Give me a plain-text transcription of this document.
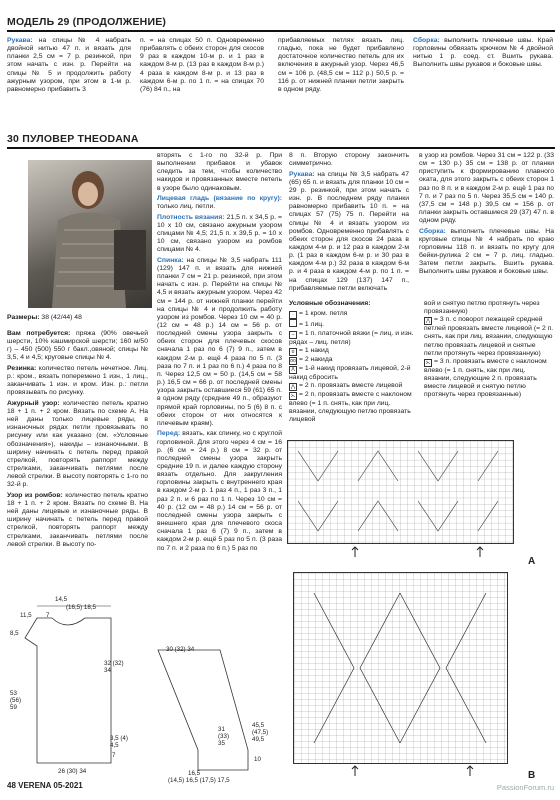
МОДЕЛЬ 29 (ПРОДОЛЖЕНИЕ)

Рукава: на спицы № 4 набрать двойной нитью 47 п. и вязать для планки 2,5 см = 7 р. резинкой, при этом начать с изн. р. Перейти на спицы № 5 и продолжить работу ажурным узором, при этом в 1-м р. равномерно прибавить 3

п. = на спицах 50 п. Одновременно прибавлять с обеих сторон для скосов 9 раз в каждом 10-м р. и 1 раз в каждом 8-м р. (13 раз в каждом 8-м р.) 4 раза в каждом 8-м р. и 13 раз в каждом 6-м р. по 1 п. = на спицах 70 (76) 84 п., на

прибавляемых петлях вязать лиц. гладью, пока не будет прибавлено достаточное количество петель для их включения в ажурный узор. Через 46,5 см = 106 р. (48,5 см = 112 р.) 50,5 р. = 116 р. от нижней планки петли закрыть в одном ряду.

Сборка: выполнить плечевые швы. Край горловины обвязать крючком № 4 двойной нитью 1 р. соед. ст. Вшить рукава. Выполнить швы рукавов и боковые швы.

30 ПУЛОВЕР THEODANA

Размеры: 38 (42/44) 48

Вам потребуется: пряжа (90% овечьей шерсти, 10% кашмирской шерсти; 160 м/50 г) – 450 (500) 550 г бакл.,овяной; спицы № 3,5, 4 и 4,5; круговые спицы № 4.

Резинка: количество петель нечетное. Лиц. р.: кром., вязать поперемено 1 изн., 1 лиц., заканчивать 1 изн. и кром. Изн. р.: петли провязывать по рисунку.

Ажурный узор: количество петель кратно 18 + 1 п. + 2 кром. Вязать по схеме А. На ней даны только лицевые ряды, в изнаночных рядах петли провязывать по рисунку или как указано (см. «Условные обозначения»), накиды – изнаночными. В ширину начинать с петель перед правой стрелкой, повторять раппорт между стрелками, заканчивать петлями после левой стрелки. В высоту повторять с 1-го по 32-й р.

Узор из ромбов: количество петель кратно 18 + 1 п. + 2 кром. Вязать по схеме В. На ней даны лицевые и изнаночные ряды. В ширину начинать с петель перед правой стрелкой, повторять раппорт между стрелками, заканчивать петлями после левой стрелки. В высоту по-

вторять с 1-го по 32-й р. При выполнении прибавок и убавок следить за тем, чтобы количество накидов и провязанных вместе петель в узоре было одинаковым.

Лицевая гладь (вязание по кругу): только лиц. петли.

Плотность вязания: 21,5 п. х 34,5 р. = 10 х 10 см, связано ажурным узором спицами № 4,5; 21,5 п. х 39,5 р. = 10 х 10 см, связано узором из ромбов спицами № 4.

Спинка: на спицы № 3,5 набрать 111 (129) 147 п. и вязать для нижней планки 7 см = 21 р. резинкой, при этом начать с изн. р. Перейти на спицы № 4,5 и вязать ажурным узором. Через 42 см = 144 р. от нижней планки перейти на спицы № 4 и продолжить работу узором из ромбов. Через 10 см = 40 р. (12 см = 48 р.) 14 см = 56 р. от последней смены узора закрыть с обеих сторон для плечевых скосов сначала 1 раз по 6 (7) 9 п., затем в каждом 2-м р. ещё 4 раза по 5 п. (3 раза по 7 п. и 1 раз по 6 п.) 4 раза по 8 п. Через 12,5 см = 50 р. (14,5 см = 58 р.) 16,5 см = 66 р. от последней смены узора закрыть оставшиеся 59 (61) 65 п. в одном ряду (средние 49 п., образуют прямой край горловины, по 5 (6) 8 п. с обеих сторон от них относятся к плечевым краям).

Перед: вязать, как спинку, но с круглой горловиной. Для этого через 4 см = 16 р. (6 см = 24 р.) 8 см = 32 р. от последней смены узора закрыть средние 19 п. и далее каждую сторону вязать отдельно. Для закругления горловины закрыть с внутреннего края в каждом 2-м р. 1 раз 4 п., 1 раз 3 п., 1 раз 2 п. и 6 раз по 1 п. Через 10 см = 40 р. (12 см = 48 р.) 14 см = 56 р. от последней смены узора закрыть с внешнего края для плечевого скоса сначала 1 раз 6 (7) 9 п., затем в каждом 2-м р. ещё 5 раз по 5 п. (3 раза по 7 п. и 2 раза по 6 п.) 5 раз по

8 п. Вторую сторону закончить симметрично.

Рукава: на спицы № 3,5 набрать 47 (65) 65 п. и вязать для планки 10 см = 29 р. резинкой, при этом начать с изн. р. В последнем ряду планки равномерно прибавить 10 п. = на спицах 57 (75) 75 п. Перейти на спицы № 4 и вязать узором из ромбов. Одновременно прибавлять с обеих сторон для скосов 24 раза в каждом 4-м р. и 12 раз в каждом 2-м р. (1 раз в каждом 6-м р. и 30 раз в каждом 4-м р.) 32 раза в каждом 6-м р. и 4 раза в каждом 4-м р. по 1 п. = на спицах 129 (137) 147 п., прибавляемые петли включать

в узор из ромбов. Через 31 см = 122 р. (33 см = 130 р.) 35 см = 138 р. от планки приступить к формированию плавного оката, для этого закрыть с обеих сторон 1 раз по 8 п. и в каждом 2-м р. ещё 1 раз по 7 п. и 7 раз по 5 п. Через 35,5 см = 140 р. (37,5 см = 148 р.) 39,5 см = 156 р. от планки закрыть оставшиеся 29 (37) 47 п. в одном ряду.

Сборка: выполнить плечевые швы. На круговые спицы № 4 набрать по краю горловины 118 п. и вязать по кругу для бейки-рулика 2 см = 7 р. лиц. гладью. Затем петли закрыть. Вшить рукава. Выполнить швы рукавов и боковые швы.

Условные обозначения:

· = 1 кром. петля
= 1 лиц.
– = 1 п. платочной вязки (= лиц. и изн. рядах – лиц. петля)
o = 1 накид
oo = 2 накида
Λ = 1-й накид провязать лицевой, 2-й накид сбросить
⋀ = 2 п. провязать вместе лицевой
⋋ = 2 п. провязать вместе с наклоном влево (= 1 п. снять, как при лиц. вязании, следующую петлю провязать лицевой
вой и снятую петлю протянуть через провязанную)
⋀ = 3 п. с поворот лежащей средней петлей провязать вместе лицевой (= 2 п. снять, как при лиц. вязании, следующую петлю провязать лицевой и снятые петли протянуть через провязанную)
⋋ = 3 п. провязать вместе с наклоном влево (= 1 п. снять, как при лиц. вязании, следующие 2 п. провязать вместе лицевой и снятую петлю протянуть через провязанные)
14,5
(16,5) 18,5
11,5 7
8,5
32 (32) 34
53 (56) 59
3,5 (4) 4,5
7
26 (30) 34
30 (32) 34
45,5 (47,5) 49,5
31 (33) 35
10
16,5
(14,5) 16,5 (17,5) 17,5
A
B
48 VERENA 05-2021	PassionForum.ru
